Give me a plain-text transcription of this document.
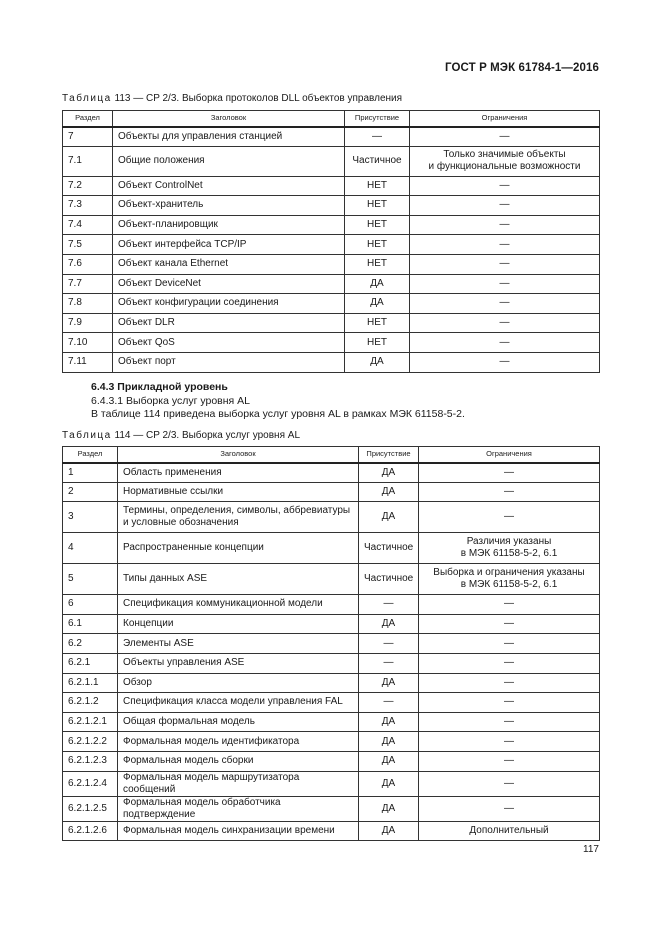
ГОСТ Р МЭК 61784-1—2016
Таблица 113 — CP 2/3. Выборка протоколов DLL объектов управления
Раздел	Заголовок	Присутствие	Ограничения
7	Объекты для управления станцией	—	—
7.1	Общие положения	Частичное	Только значимые объекты
и функциональные возможности
7.2	Объект ControlNet	НЕТ	—
7.3	Объект-хранитель	НЕТ	—
7.4	Объект-планировщик	НЕТ	—
7.5	Объект интерфейса TCP/IP	НЕТ	—
7.6	Объект канала Ethernet	НЕТ	—
7.7	Объект DeviceNet	ДА	—
7.8	Объект конфигурации соединения	ДА	—
7.9	Объект DLR	НЕТ	—
7.10	Объект QoS	НЕТ	—
7.11	Объект порт	ДА	—
6.4.3 Прикладной уровень
6.4.3.1 Выборка услуг уровня AL
В таблице 114 приведена выборка услуг уровня AL в рамках МЭК 61158-5-2.
Таблица 114 — CP 2/3. Выборка услуг уровня AL
Раздел	Заголовок	Присутствие	Ограничения
1	Область применения	ДА	—
2	Нормативные ссылки	ДА	—
3	Термины, определения, символы, аббревиатуры
и условные обозначения	ДА	—
4	Распространенные концепции	Частичное	Различия указаны
в МЭК 61158-5-2, 6.1
5	Типы данных ASE	Частичное	Выборка и ограничения указаны
в МЭК 61158-5-2, 6.1
6	Спецификация коммуникационной модели	—	—
6.1	Концепции	ДА	—
6.2	Элементы ASE	—	—
6.2.1	Объекты управления ASE	—	—
6.2.1.1	Обзор	ДА	—
6.2.1.2	Спецификация класса модели управления FAL	—	—
6.2.1.2.1	Общая формальная модель	ДА	—
6.2.1.2.2	Формальная модель идентификатора	ДА	—
6.2.1.2.3	Формальная модель сборки	ДА	—
6.2.1.2.4	Формальная модель маршрутизатора сообщений	ДА	—
6.2.1.2.5	Формальная модель обработчика подтверждение	ДА	—
6.2.1.2.6	Формальная модель синхранизации времени	ДА	Дополнительный
117
